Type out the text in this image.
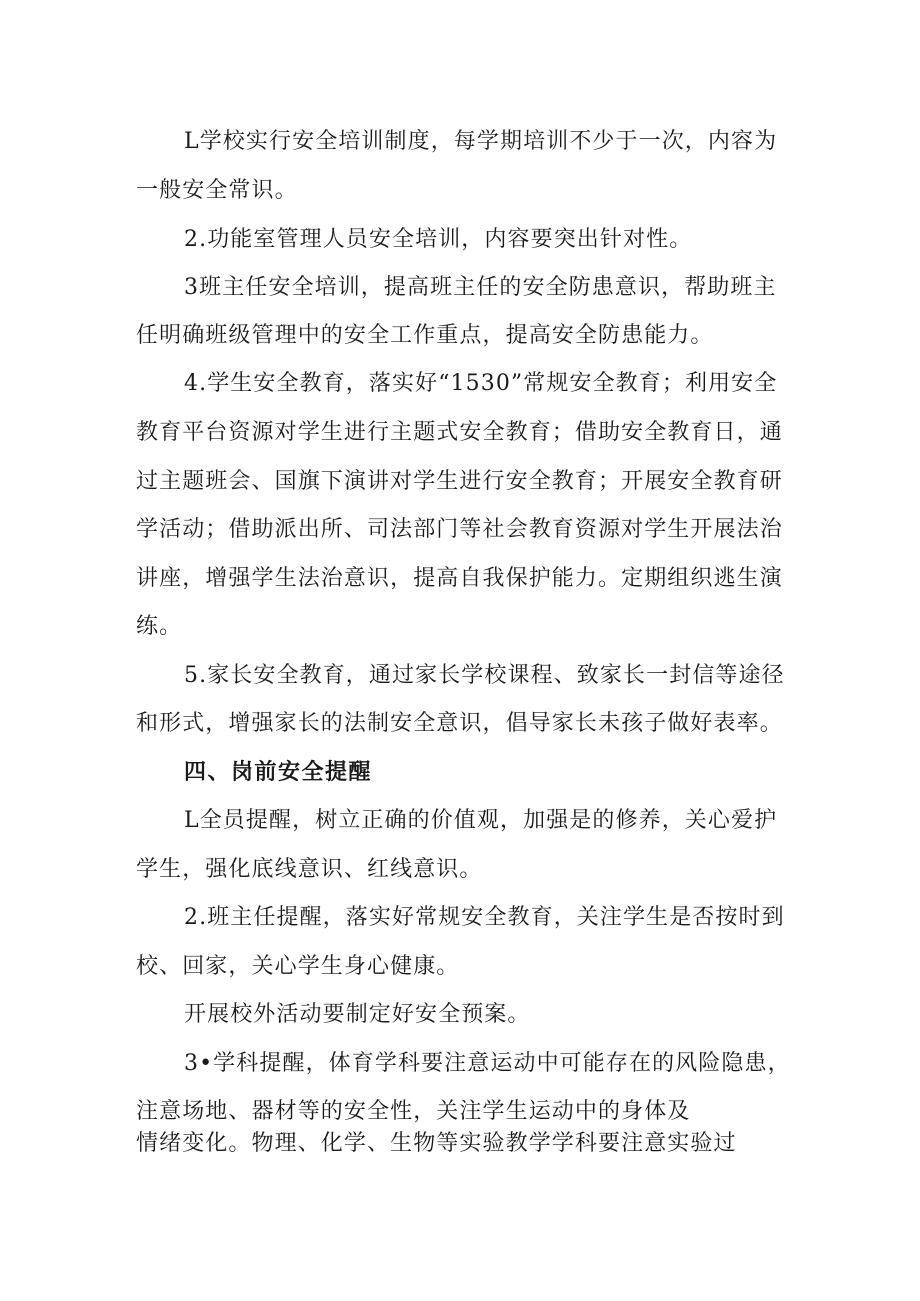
L学校实行安全培训制度，每学期培训不少于一次，内容为
一般安全常识。
2.功能室管理人员安全培训，内容要突出针对性。
3班主任安全培训，提高班主任的安全防患意识，帮助班主
任明确班级管理中的安全工作重点，提高安全防患能力。
4.学生安全教育，落实好“1530”常规安全教育；利用安全
教育平台资源对学生进行主题式安全教育；借助安全教育日，通
过主题班会、国旗下演讲对学生进行安全教育；开展安全教育研
学活动；借助派出所、司法部门等社会教育资源对学生开展法治
讲座，增强学生法治意识，提高自我保护能力。定期组织逃生演
练。
5.家长安全教育，通过家长学校课程、致家长一封信等途径
和形式，增强家长的法制安全意识，倡导家长未孩子做好表率。
四、岗前安全提醒
L全员提醒，树立正确的价值观，加强是的修养，关心爱护
学生，强化底线意识、红线意识。
2.班主任提醒，落实好常规安全教育，关注学生是否按时到
校、回家，关心学生身心健康。
开展校外活动要制定好安全预案。
3•学科提醒，体育学科要注意运动中可能存在的风险隐患，
注意场地、器材等的安全性，关注学生运动中的身体及
情绪变化。物理、化学、生物等实验教学学科要注意实验过
